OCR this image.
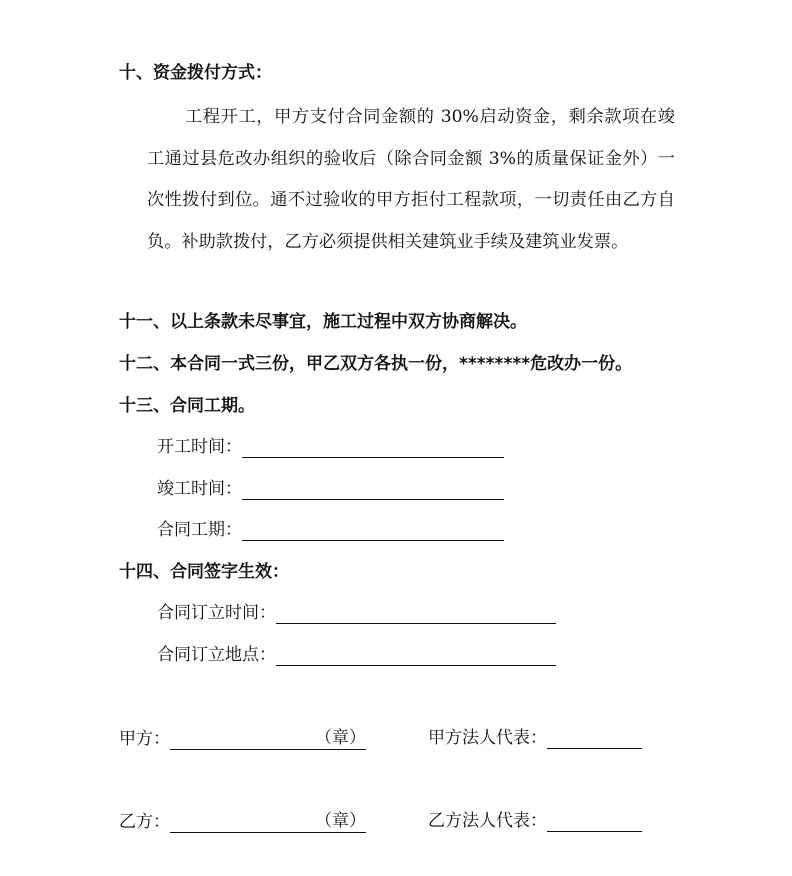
十、资金拨付方式：
工程开工，甲方支付合同金额的 30%启动资金，剩余款项在竣工通过县危改办组织的验收后（除合同金额 3%的质量保证金外）一次性拨付到位。通不过验收的甲方拒付工程款项，一切责任由乙方自负。补助款拨付，乙方必须提供相关建筑业手续及建筑业发票。
十一、以上条款未尽事宜，施工过程中双方协商解决。
十二、本合同一式三份，甲乙双方各执一份，********危改办一份。
十三、合同工期。
开工时间：
竣工时间：
合同工期：
十四、合同签字生效：
合同订立时间：
合同订立地点：
甲方：	（章）	甲方法人代表：
乙方：	（章）	乙方法人代表：
